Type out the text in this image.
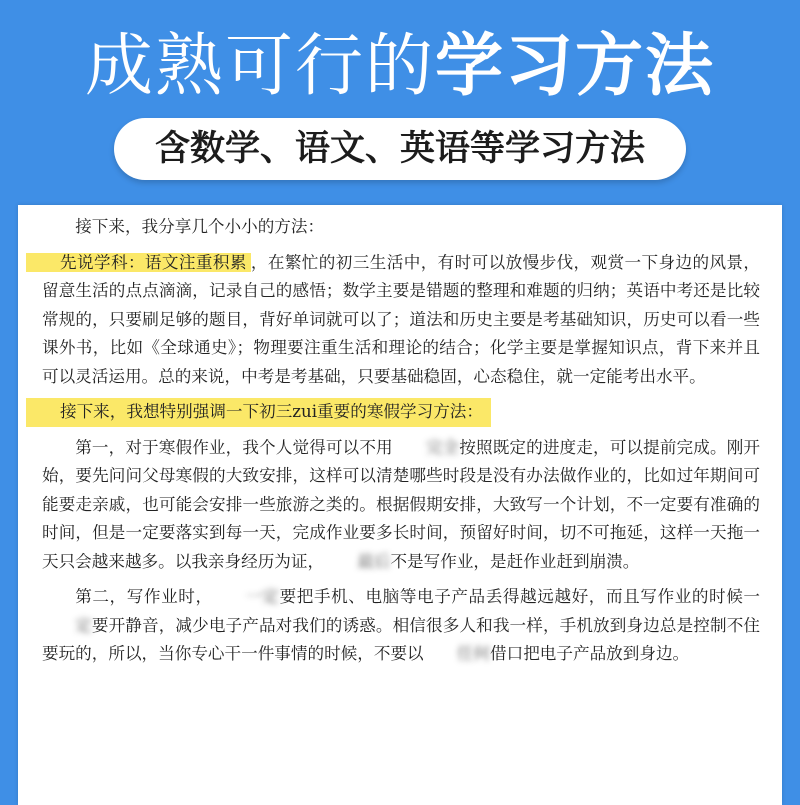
成熟可行的学习方法
含数学、语文、英语等学习方法

接下来，我分享几个小小的方法：

先说学科：语文注重积累 ，在繁忙的初三生活中，有时可以放慢步伐，观赏一下身边的风景，留意生活的点点滴滴，记录自己的感悟；数学主要是错题的整理和难题的归纳；英语中考还是比较常规的，只要刷足够的题目，背好单词就可以了；道法和历史主要是考基础知识，历史可以看一些课外书，比如《全球通史》；物理要注重生活和理论的结合；化学主要是掌握知识点，背下来并且可以灵活运用。总的来说，中考是考基础，只要基础稳固，心态稳住，就一定能考出水平。

接下来，我想特别强调一下初三zui重要的寒假学习方法：

第一，对于寒假作业，我个人觉得可以不用 完全按照既定的进度走，可以提前完成。刚开始，要先问问父母寒假的大致安排，这样可以清楚哪些时段是没有办法做作业的，比如过年期间可能要走亲戚，也可能会安排一些旅游之类的。根据假期安排，大致写一个计划，不一定要有准确的时间，但是一定要落实到每一天，完成作业要多长时间，预留好时间，切不可拖延，这样一天拖一天只会越来越多。以我亲身经历为证， 最后不是写作业，是赶作业赶到崩溃。

第二，写作业时， 一定要把手机、电脑等电子产品丢得越远越好，而且写作业的时候一定要开静音，减少电子产品对我们的诱惑。相信很多人和我一样，手机放到身边总是控制不住要玩的，所以，当你专心干一件事情的时候，不要以 任何借口把电子产品放到身边。
